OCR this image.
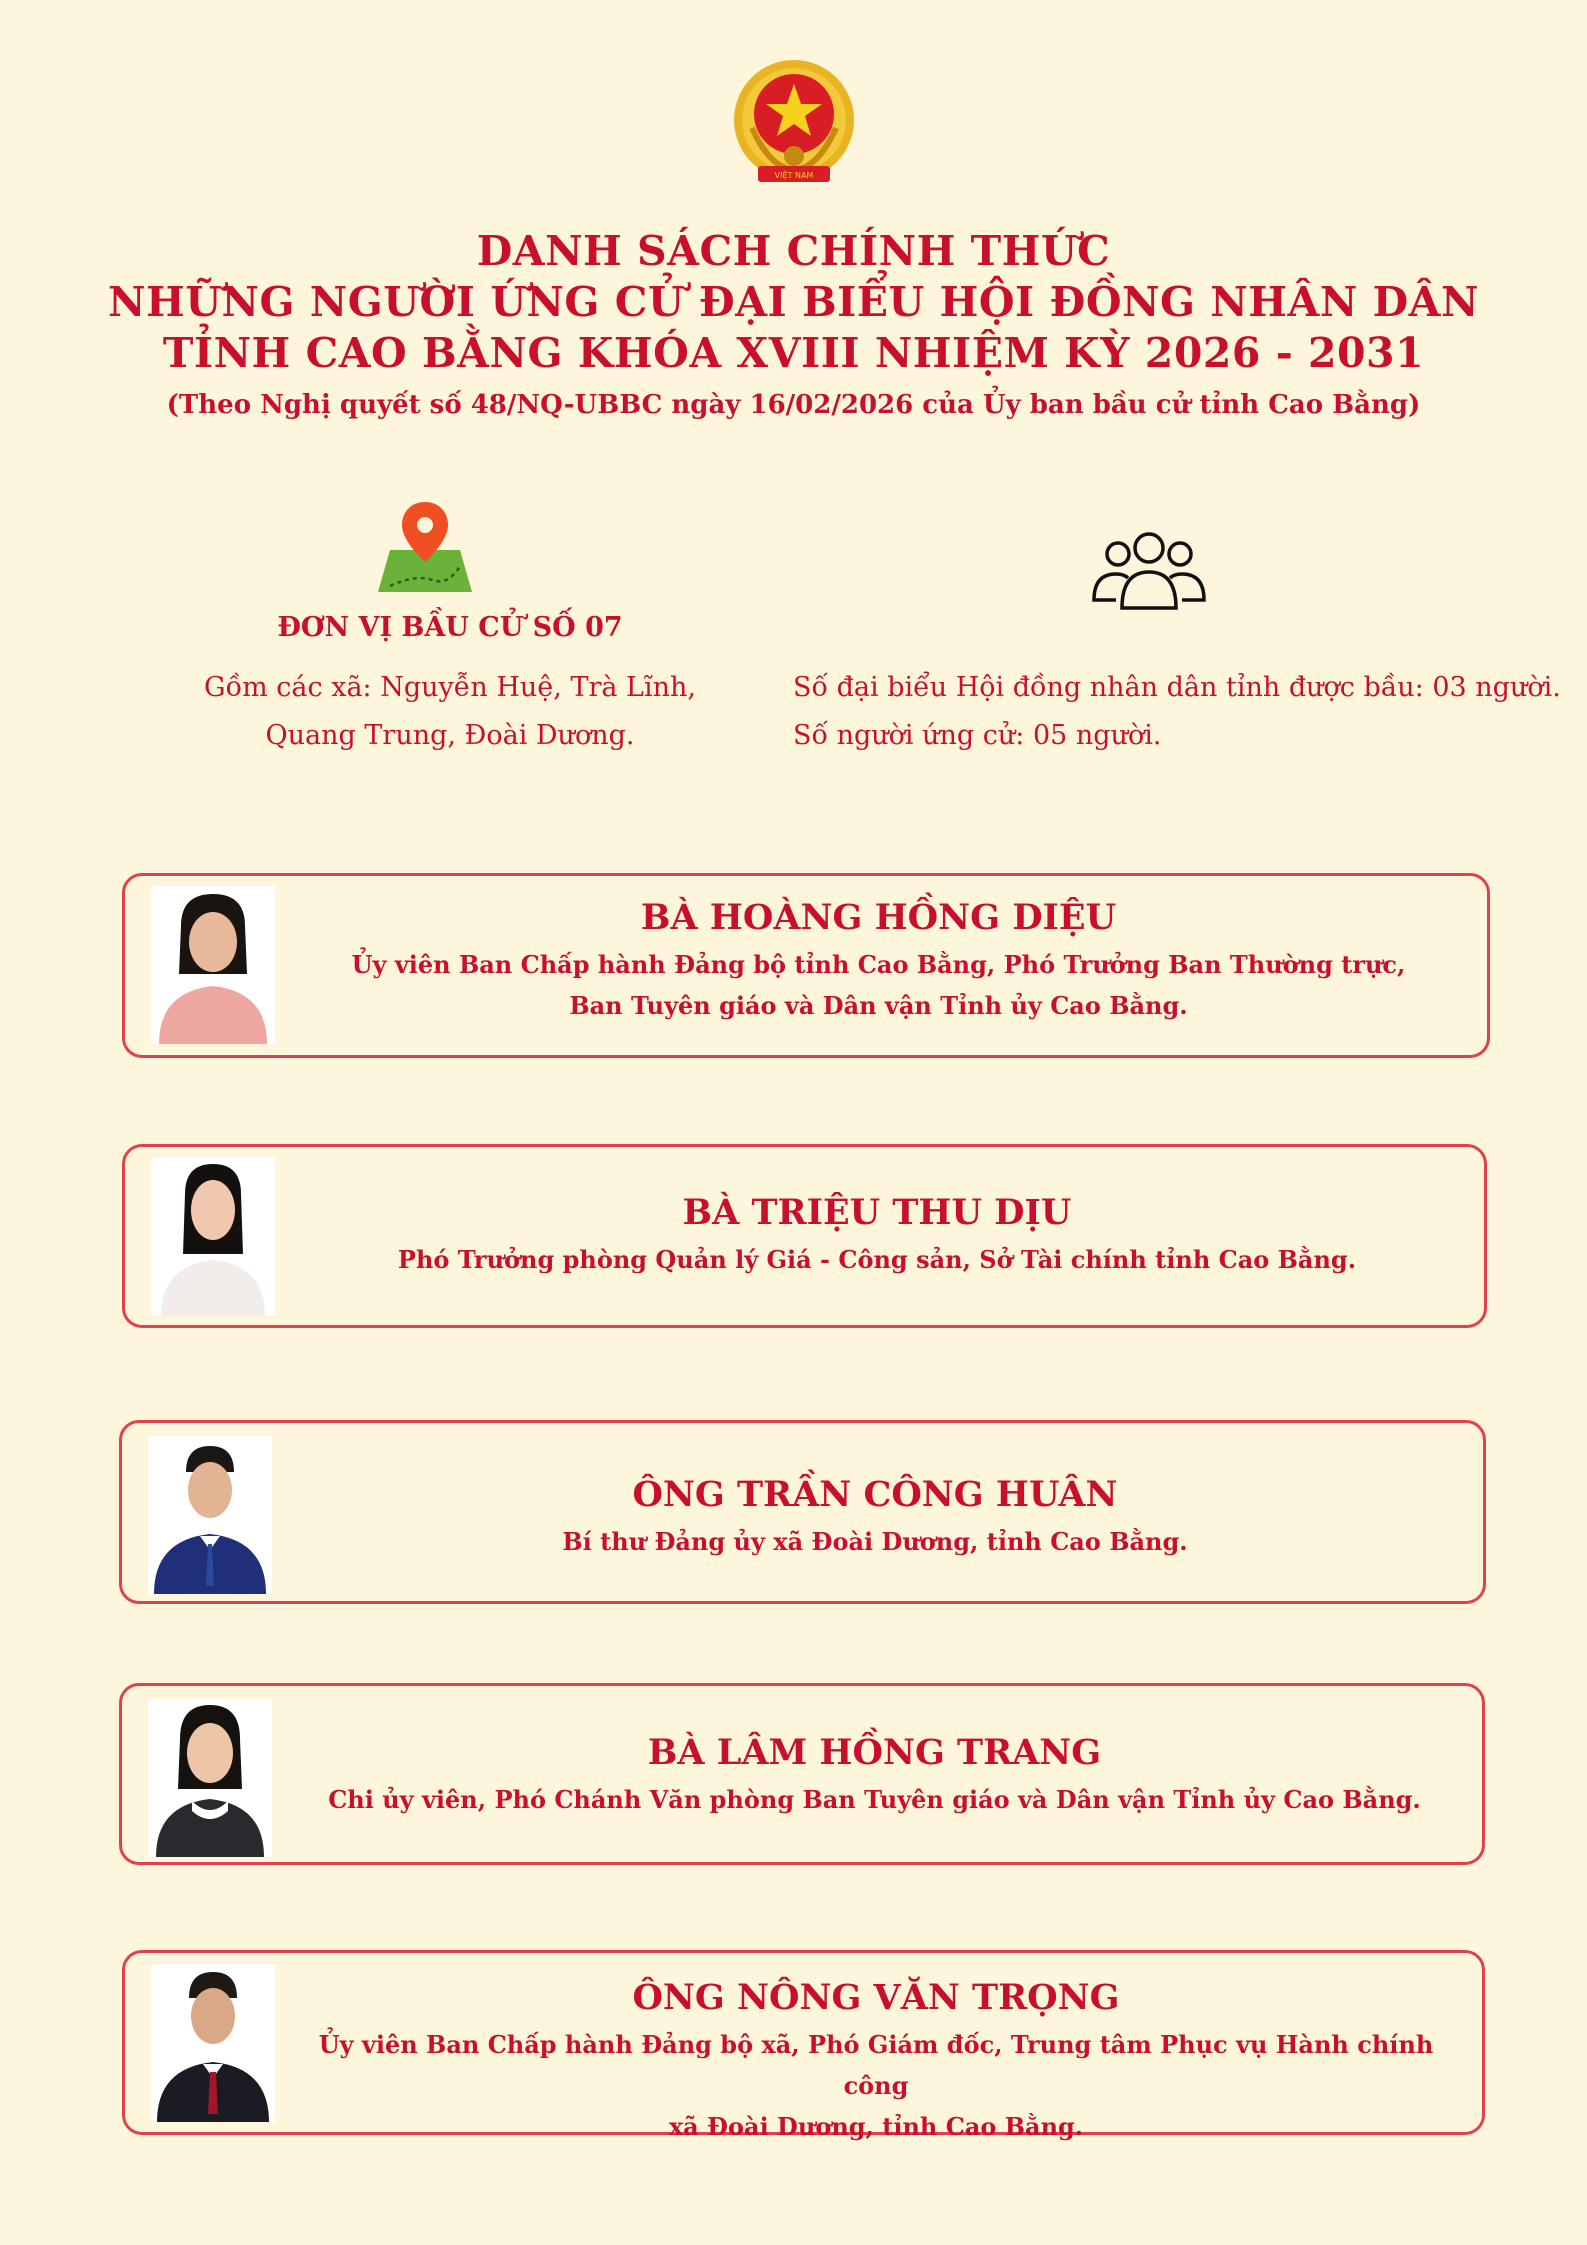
VIỆT NAM
DANH SÁCH CHÍNH THỨC
NHỮNG NGƯỜI ỨNG CỬ ĐẠI BIỂU HỘI ĐỒNG NHÂN DÂN
TỈNH CAO BẰNG KHÓA XVIII NHIỆM KỲ 2026 - 2031
(Theo Nghị quyết số 48/NQ-UBBC ngày 16/02/2026 của Ủy ban bầu cử tỉnh Cao Bằng)
ĐƠN VỊ BẦU CỬ SỐ 07
Gồm các xã: Nguyễn Huệ, Trà Lĩnh,
Quang Trung, Đoài Dương.
Số đại biểu Hội đồng nhân dân tỉnh được bầu: 03 người.
Số người ứng cử: 05 người.
BÀ HOÀNG HỒNG DIỆU
Ủy viên Ban Chấp hành Đảng bộ tỉnh Cao Bằng, Phó Trưởng Ban Thường trực,
Ban Tuyên giáo và Dân vận Tỉnh ủy Cao Bằng.
BÀ TRIỆU THU DỊU
Phó Trưởng phòng Quản lý Giá - Công sản, Sở Tài chính tỉnh Cao Bằng.
ÔNG TRẦN CÔNG HUÂN
Bí thư Đảng ủy xã Đoài Dương, tỉnh Cao Bằng.
BÀ LÂM HỒNG TRANG
Chi ủy viên, Phó Chánh Văn phòng Ban Tuyên giáo và Dân vận Tỉnh ủy Cao Bằng.
ÔNG NÔNG VĂN TRỌNG
Ủy viên Ban Chấp hành Đảng bộ xã, Phó Giám đốc, Trung tâm Phục vụ Hành chính công
xã Đoài Dương, tỉnh Cao Bằng.
